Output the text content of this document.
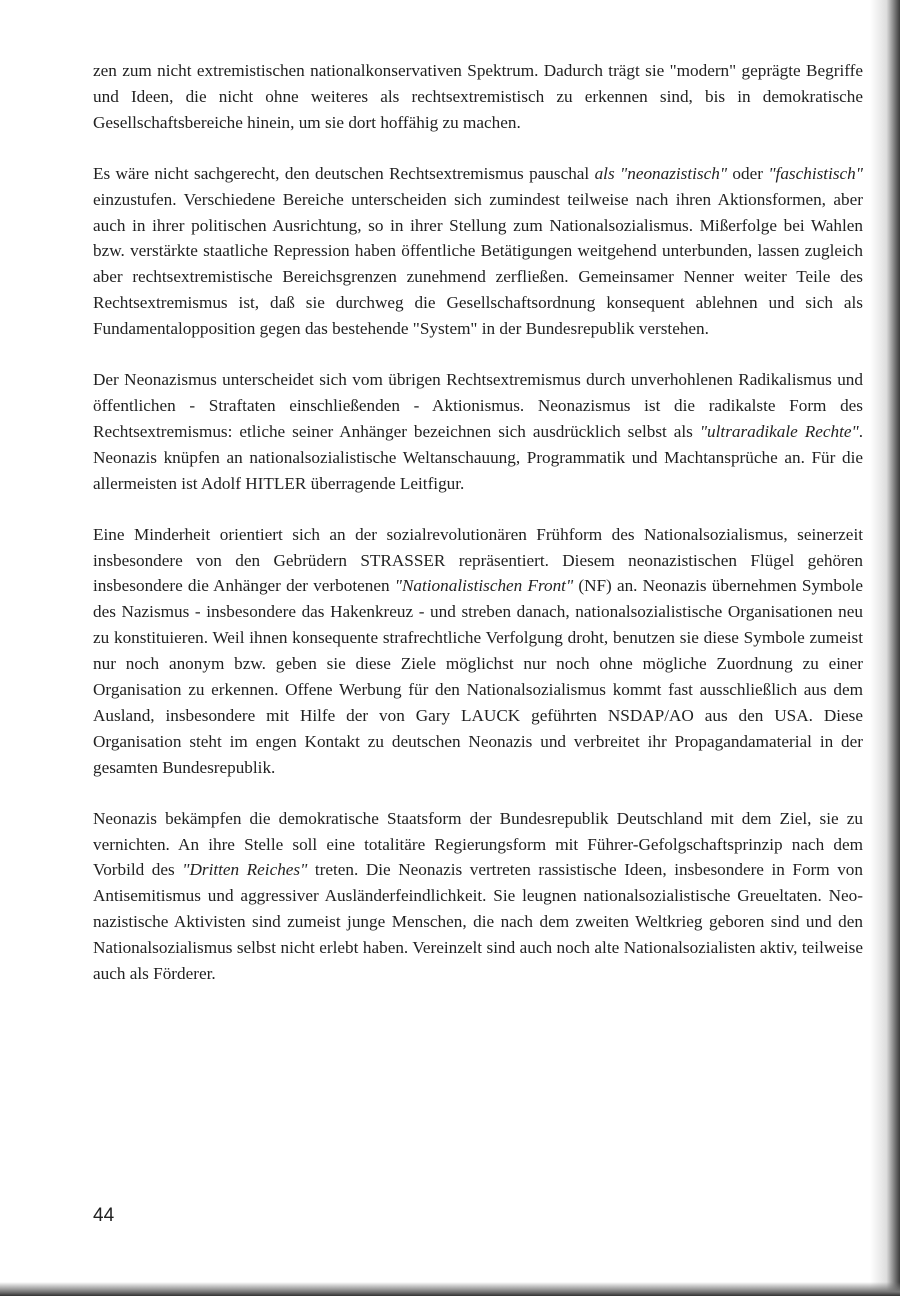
zen zum nicht extremistischen nationalkonservativen Spektrum. Dadurch trägt sie "modern" geprägte Begriffe und Ideen, die nicht ohne weiteres als rechtsextremistisch zu erkennen sind, bis in demokratische Gesellschaftsbereiche hinein, um sie dort hoffähig zu machen.

Es wäre nicht sachgerecht, den deutschen Rechtsextremismus pauschal als "neonazistisch" oder "faschistisch" einzustufen. Verschiedene Bereiche unterscheiden sich zumindest teilweise nach ihren Aktionsformen, aber auch in ihrer politischen Ausrichtung, so in ihrer Stellung zum Nationalsozialismus. Mißerfolge bei Wahlen bzw. verstärkte staatliche Repression haben öffentliche Betätigungen weitgehend unterbunden, lassen zugleich aber rechtsextremistische Bereichsgrenzen zunehmend zerfließen. Gemeinsamer Nenner weiter Teile des Rechtsextremismus ist, daß sie durchweg die Gesellschaftsordnung konsequent ablehnen und sich als Fundamentalopposition gegen das bestehende "System" in der Bundesrepublik verstehen.

Der Neonazismus unterscheidet sich vom übrigen Rechtsextremismus durch unverhohlenen Radikalismus und öffentlichen - Straftaten einschließenden - Aktionismus. Neonazismus ist die radikalste Form des Rechtsextremismus: etliche seiner Anhänger bezeichnen sich ausdrücklich selbst als "ultraradikale Rechte". Neonazis knüpfen an nationalsozialistische Weltanschauung, Programmatik und Machtansprüche an. Für die allermeisten ist Adolf HITLER überragende Leitfigur.

Eine Minderheit orientiert sich an der sozialrevolutionären Frühform des Nationalsozialismus, seinerzeit insbesondere von den Gebrüdern STRASSER repräsentiert. Diesem neonazistischen Flügel gehören insbesondere die Anhänger der verbotenen "Nationalistischen Front" (NF) an. Neonazis übernehmen Symbole des Nazismus - insbesondere das Hakenkreuz - und streben danach, nationalsozialistische Organisationen neu zu konstituieren. Weil ihnen konsequente strafrechtliche Verfolgung droht, benutzen sie diese Symbole zumeist nur noch anonym bzw. geben sie diese Ziele möglichst nur noch ohne mögliche Zuordnung zu einer Organisation zu erkennen. Offene Werbung für den Nationalsozialismus kommt fast ausschließlich aus dem Ausland, insbesondere mit Hilfe der von Gary LAUCK geführten NSDAP/AO aus den USA. Diese Organisation steht im engen Kontakt zu deutschen Neonazis und verbreitet ihr Propagandamaterial in der gesamten Bundesrepublik.

Neonazis bekämpfen die demokratische Staatsform der Bundesrepublik Deutschland mit dem Ziel, sie zu vernichten. An ihre Stelle soll eine totalitäre Regierungsform mit Führer-Gefolgschaftsprinzip nach dem Vorbild des "Dritten Reiches" treten. Die Neonazis vertreten rassistische Ideen, insbesondere in Form von Antisemitismus und aggressiver Ausländerfeindlichkeit. Sie leugnen nationalsozialistische Greueltaten. Neonazistische Aktivisten sind zumeist junge Menschen, die nach dem zweiten Weltkrieg geboren sind und den Nationalsozialismus selbst nicht erlebt haben. Vereinzelt sind auch noch alte Nationalsozialisten aktiv, teilweise auch als Förderer.

44
